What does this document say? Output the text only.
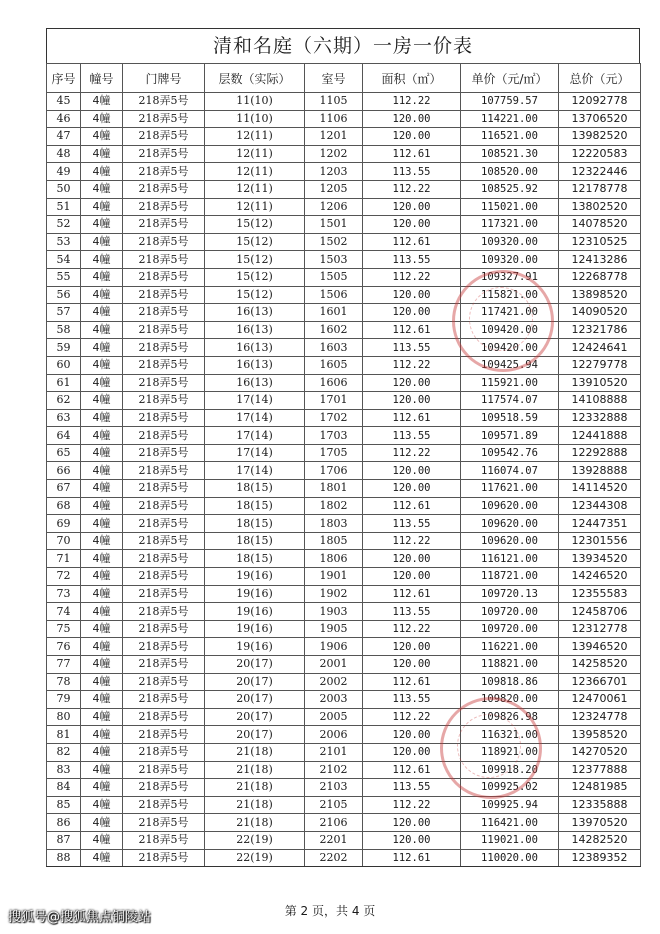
清和名庭（六期）一房一价表
序号	幢号	门牌号	层数（实际）	室号	面积（㎡）	单价（元/㎡）	总价（元）
45	4幢	218弄5号	11(10)	1105	112.22	107759.57	12092778
46	4幢	218弄5号	11(10)	1106	120.00	114221.00	13706520
47	4幢	218弄5号	12(11)	1201	120.00	116521.00	13982520
48	4幢	218弄5号	12(11)	1202	112.61	108521.30	12220583
49	4幢	218弄5号	12(11)	1203	113.55	108520.00	12322446
50	4幢	218弄5号	12(11)	1205	112.22	108525.92	12178778
51	4幢	218弄5号	12(11)	1206	120.00	115021.00	13802520
52	4幢	218弄5号	15(12)	1501	120.00	117321.00	14078520
53	4幢	218弄5号	15(12)	1502	112.61	109320.00	12310525
54	4幢	218弄5号	15(12)	1503	113.55	109320.00	12413286
55	4幢	218弄5号	15(12)	1505	112.22	109327.91	12268778
56	4幢	218弄5号	15(12)	1506	120.00	115821.00	13898520
57	4幢	218弄5号	16(13)	1601	120.00	117421.00	14090520
58	4幢	218弄5号	16(13)	1602	112.61	109420.00	12321786
59	4幢	218弄5号	16(13)	1603	113.55	109420.00	12424641
60	4幢	218弄5号	16(13)	1605	112.22	109425.94	12279778
61	4幢	218弄5号	16(13)	1606	120.00	115921.00	13910520
62	4幢	218弄5号	17(14)	1701	120.00	117574.07	14108888
63	4幢	218弄5号	17(14)	1702	112.61	109518.59	12332888
64	4幢	218弄5号	17(14)	1703	113.55	109571.89	12441888
65	4幢	218弄5号	17(14)	1705	112.22	109542.76	12292888
66	4幢	218弄5号	17(14)	1706	120.00	116074.07	13928888
67	4幢	218弄5号	18(15)	1801	120.00	117621.00	14114520
68	4幢	218弄5号	18(15)	1802	112.61	109620.00	12344308
69	4幢	218弄5号	18(15)	1803	113.55	109620.00	12447351
70	4幢	218弄5号	18(15)	1805	112.22	109620.00	12301556
71	4幢	218弄5号	18(15)	1806	120.00	116121.00	13934520
72	4幢	218弄5号	19(16)	1901	120.00	118721.00	14246520
73	4幢	218弄5号	19(16)	1902	112.61	109720.13	12355583
74	4幢	218弄5号	19(16)	1903	113.55	109720.00	12458706
75	4幢	218弄5号	19(16)	1905	112.22	109720.00	12312778
76	4幢	218弄5号	19(16)	1906	120.00	116221.00	13946520
77	4幢	218弄5号	20(17)	2001	120.00	118821.00	14258520
78	4幢	218弄5号	20(17)	2002	112.61	109818.86	12366701
79	4幢	218弄5号	20(17)	2003	113.55	109820.00	12470061
80	4幢	218弄5号	20(17)	2005	112.22	109826.98	12324778
81	4幢	218弄5号	20(17)	2006	120.00	116321.00	13958520
82	4幢	218弄5号	21(18)	2101	120.00	118921.00	14270520
83	4幢	218弄5号	21(18)	2102	112.61	109918.20	12377888
84	4幢	218弄5号	21(18)	2103	113.55	109925.02	12481985
85	4幢	218弄5号	21(18)	2105	112.22	109925.94	12335888
86	4幢	218弄5号	21(18)	2106	120.00	116421.00	13970520
87	4幢	218弄5号	22(19)	2201	120.00	119021.00	14282520
88	4幢	218弄5号	22(19)	2202	112.61	110020.00	12389352
第 2 页，共 4 页
搜狐号@搜狐焦点铜陵站
